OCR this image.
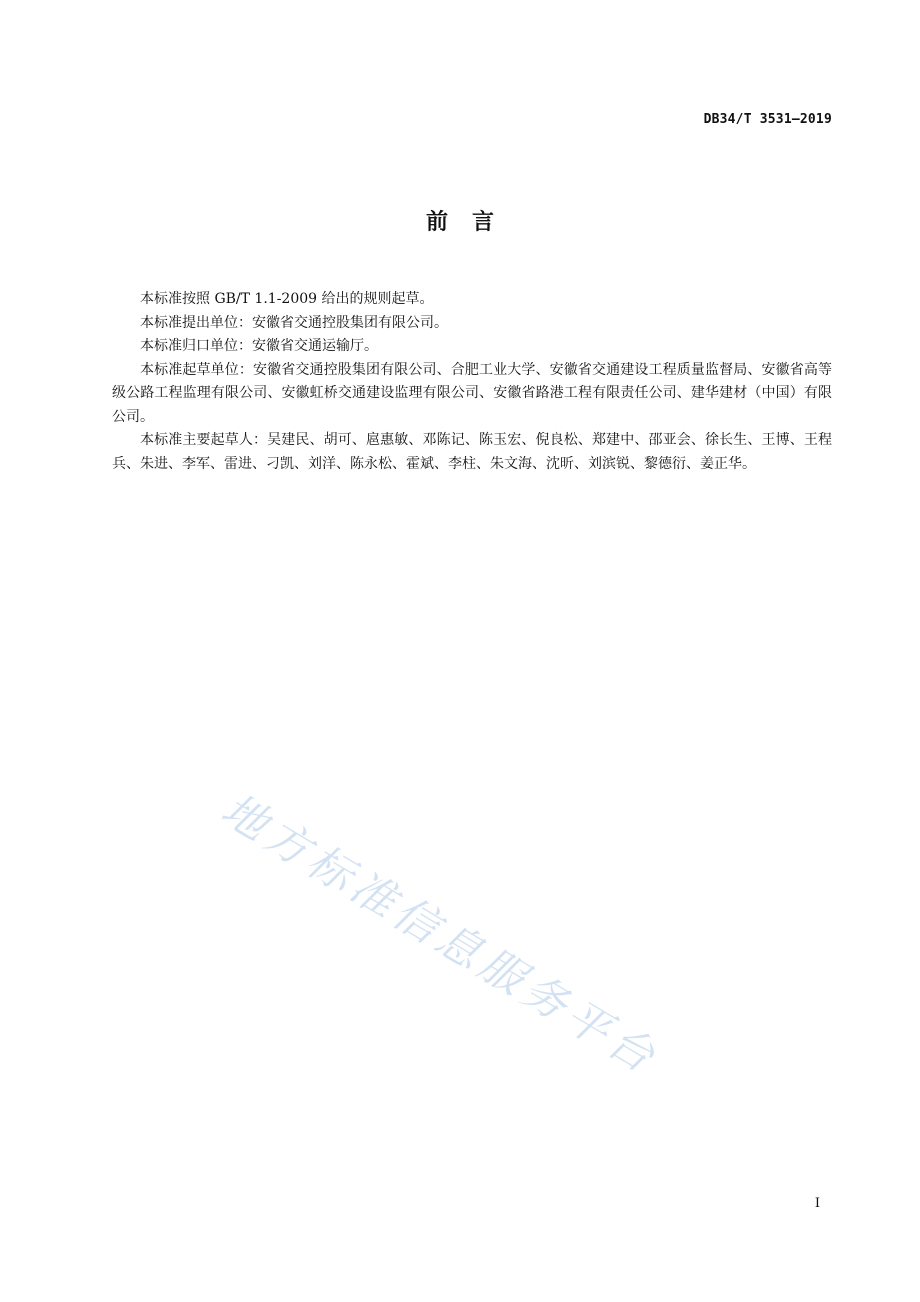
DB34/T 3531—2019
前言

本标准按照 GB/T 1.1-2009 给出的规则起草。

本标准提出单位：安徽省交通控股集团有限公司。

本标准归口单位：安徽省交通运输厅。

本标准起草单位：安徽省交通控股集团有限公司、合肥工业大学、安徽省交通建设工程质量监督局、安徽省高等级公路工程监理有限公司、安徽虹桥交通建设监理有限公司、安徽省路港工程有限责任公司、建华建材（中国）有限公司。

本标准主要起草人：吴建民、胡可、扈惠敏、邓陈记、陈玉宏、倪良松、郑建中、邵亚会、徐长生、王博、王程兵、朱进、李军、雷进、刁凯、刘洋、陈永松、霍斌、李柱、朱文海、沈昕、刘滨锐、黎德衍、姜正华。

地方标准信息服务平台
I
